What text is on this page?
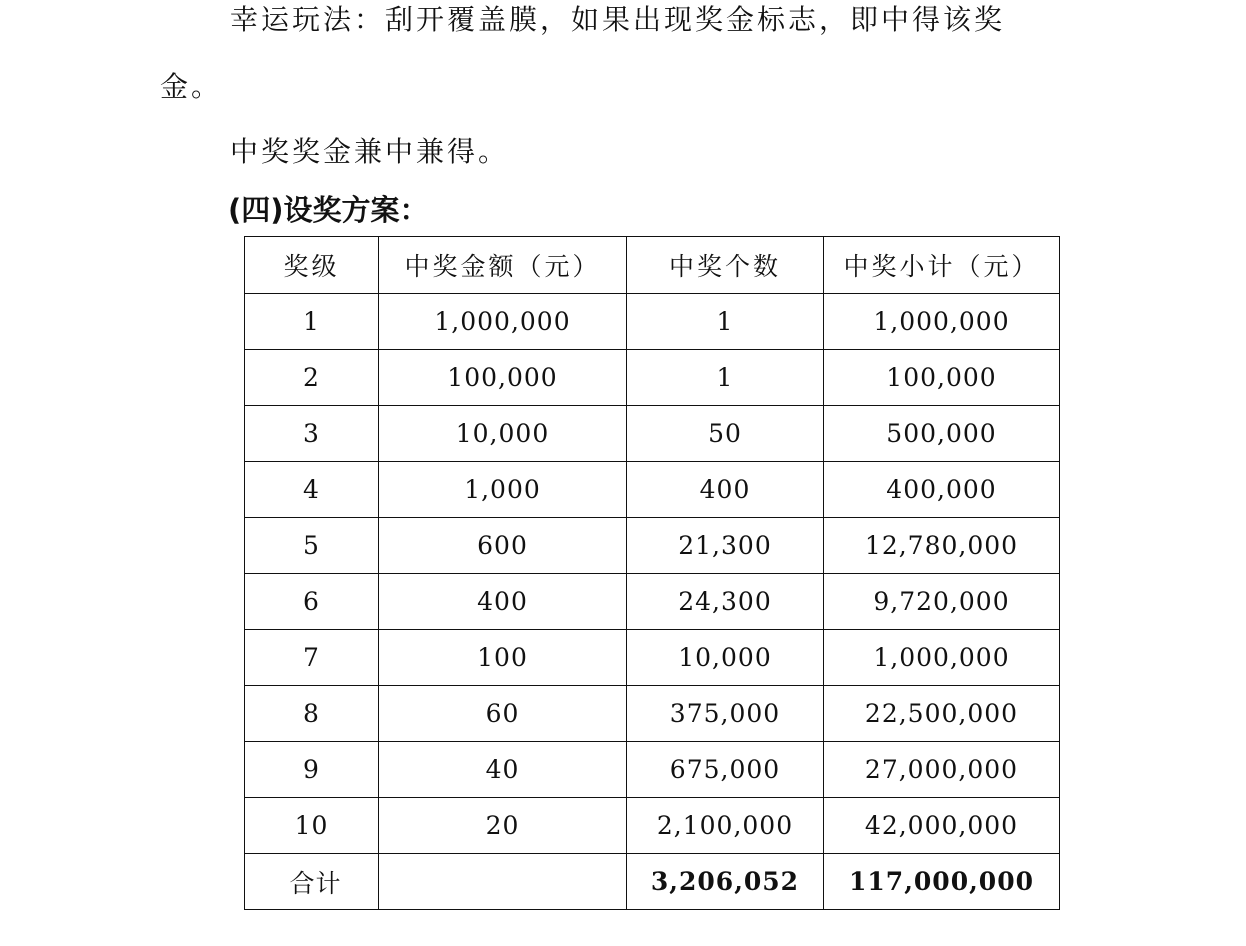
幸运玩法：刮开覆盖膜，如果出现奖金标志，即中得该奖
金。
中奖奖金兼中兼得。
(四)设奖方案：
奖级	中奖金额（元）	中奖个数	中奖小计（元）
1	1,000,000	1	1,000,000
2	100,000	1	100,000
3	10,000	50	500,000
4	1,000	400	400,000
5	600	21,300	12,780,000
6	400	24,300	9,720,000
7	100	10,000	1,000,000
8	60	375,000	22,500,000
9	40	675,000	27,000,000
10	20	2,100,000	42,000,000
合计		3,206,052	117,000,000
